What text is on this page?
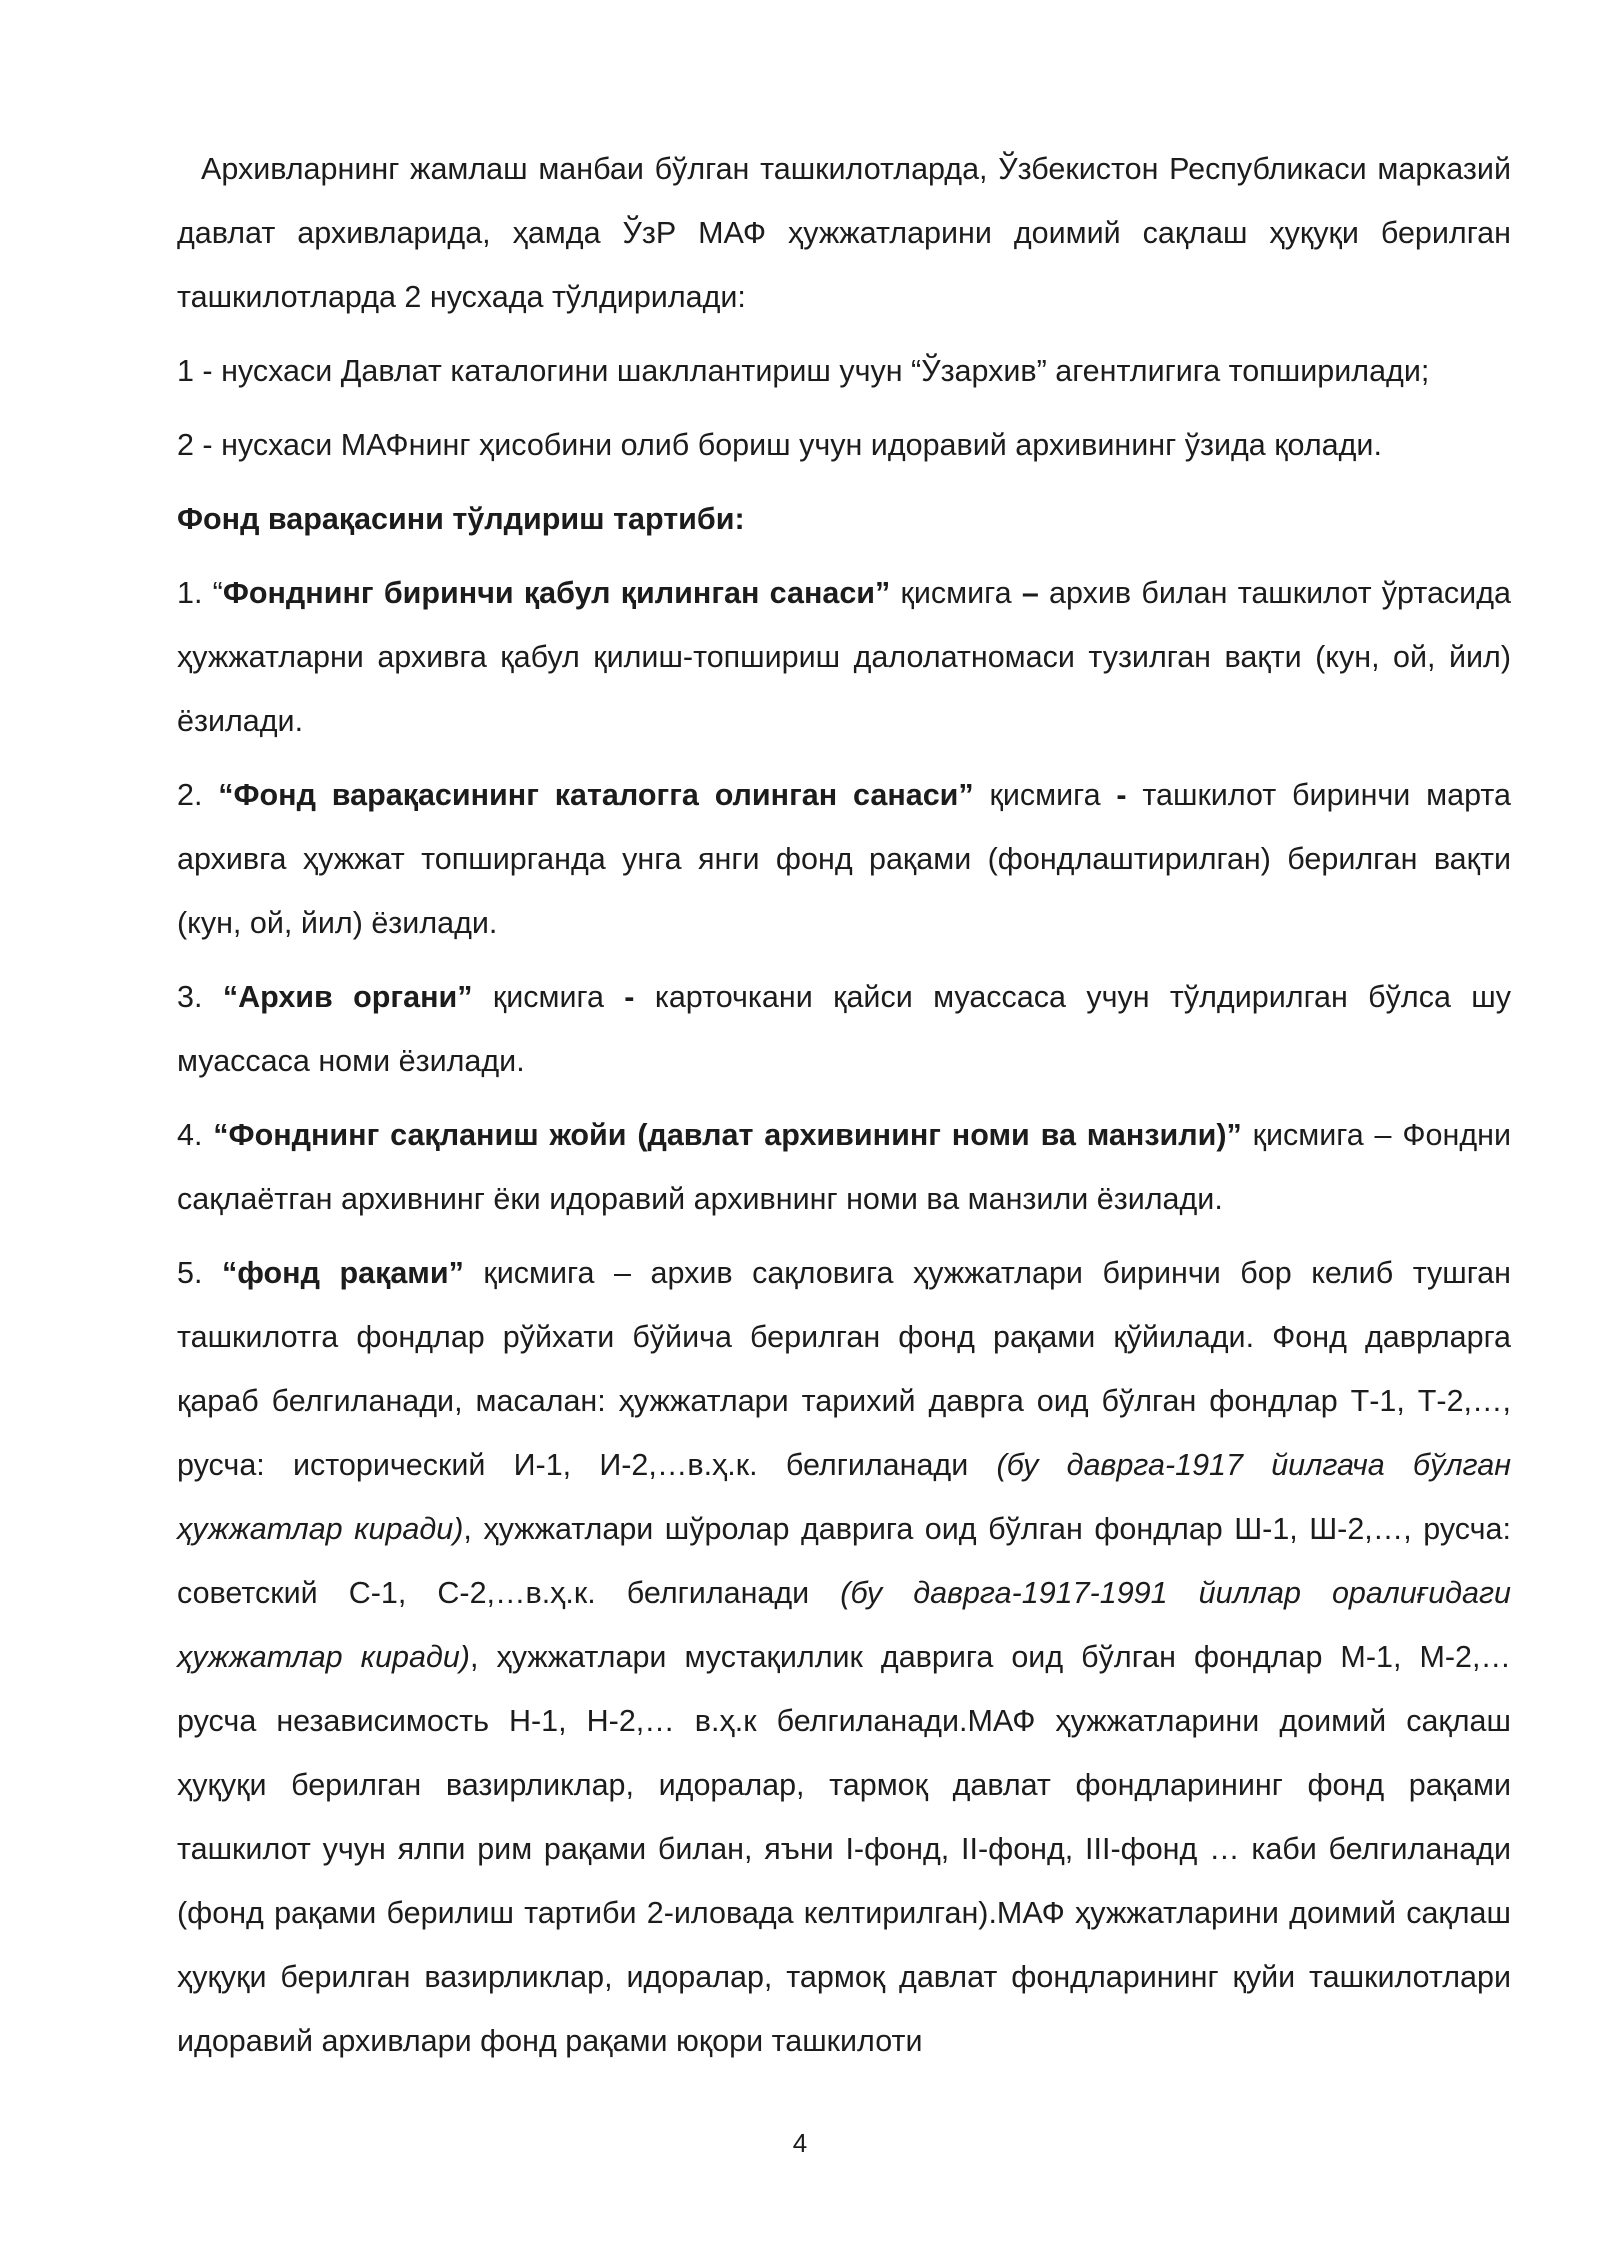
Архивларнинг жамлаш манбаи бўлган ташкилотларда, Ўзбекистон Республикаси марказий давлат архивларида, ҳамда ЎзР МАФ ҳужжатларини доимий сақлаш ҳуқуқи берилган ташкилотларда 2 нусхада тўлдирилади:

1 - нусхаси Давлат каталогини шакллантириш учун “Ўзархив” агентлигига топширилади;

2 - нусхаси МАФнинг ҳисобини олиб бориш учун идоравий архивининг ўзида қолади.

Фонд варақасини тўлдириш тартиби:

1. “Фонднинг биринчи қабул қилинган санаси” қисмига – архив билан ташкилот ўртасида ҳужжатларни архивга қабул қилиш-топшириш далолатномаси тузилган вақти (кун, ой, йил) ёзилади.

2. “Фонд варақасининг каталогга олинган санаси” қисмига - ташкилот биринчи марта архивга ҳужжат топширганда унга янги фонд рақами (фондлаштирилган) берилган вақти (кун, ой, йил) ёзилади.

3. “Архив органи” қисмига - карточкани қайси муассаса учун тўлдирилган бўлса шу муассаса номи ёзилади.

4. “Фонднинг сақланиш жойи (давлат архивининг номи ва манзили)” қисмига – Фондни сақлаётган архивнинг ёки идоравий архивнинг номи ва манзили ёзилади.

5. “фонд рақами” қисмига – архив сақловига ҳужжатлари биринчи бор келиб тушган ташкилотга фондлар рўйхати бўйича берилган фонд рақами қўйилади. Фонд даврларга қараб белгиланади, масалан: ҳужжатлари тарихий даврга оид бўлган фондлар Т-1, Т-2,…, русча: исторический И-1, И-2,…в.ҳ.к. белгиланади (бу даврга-1917 йилгача бўлган ҳужжатлар киради), ҳужжатлари шўролар даврига оид бўлган фондлар Ш-1, Ш-2,…, русча: советский С-1, С-2,…в.ҳ.к. белгиланади (бу даврга-1917-1991 йиллар оралиғидаги ҳужжатлар киради), ҳужжатлари мустақиллик даврига оид бўлган фондлар М-1, М-2,… русча независимость Н-1, Н-2,… в.ҳ.к белгиланади.МАФ ҳужжатларини доимий сақлаш ҳуқуқи берилган вазирликлар, идоралар, тармоқ давлат фондларининг фонд рақами ташкилот учун ялпи рим рақами билан, яъни I-фонд, II-фонд, III-фонд … каби белгиланади (фонд рақами берилиш тартиби 2-иловада келтирилган).МАФ ҳужжатларини доимий сақлаш ҳуқуқи берилган вазирликлар, идоралар, тармоқ давлат фондларининг қуйи ташкилотлари идоравий архивлари фонд рақами юқори ташкилоти

4
